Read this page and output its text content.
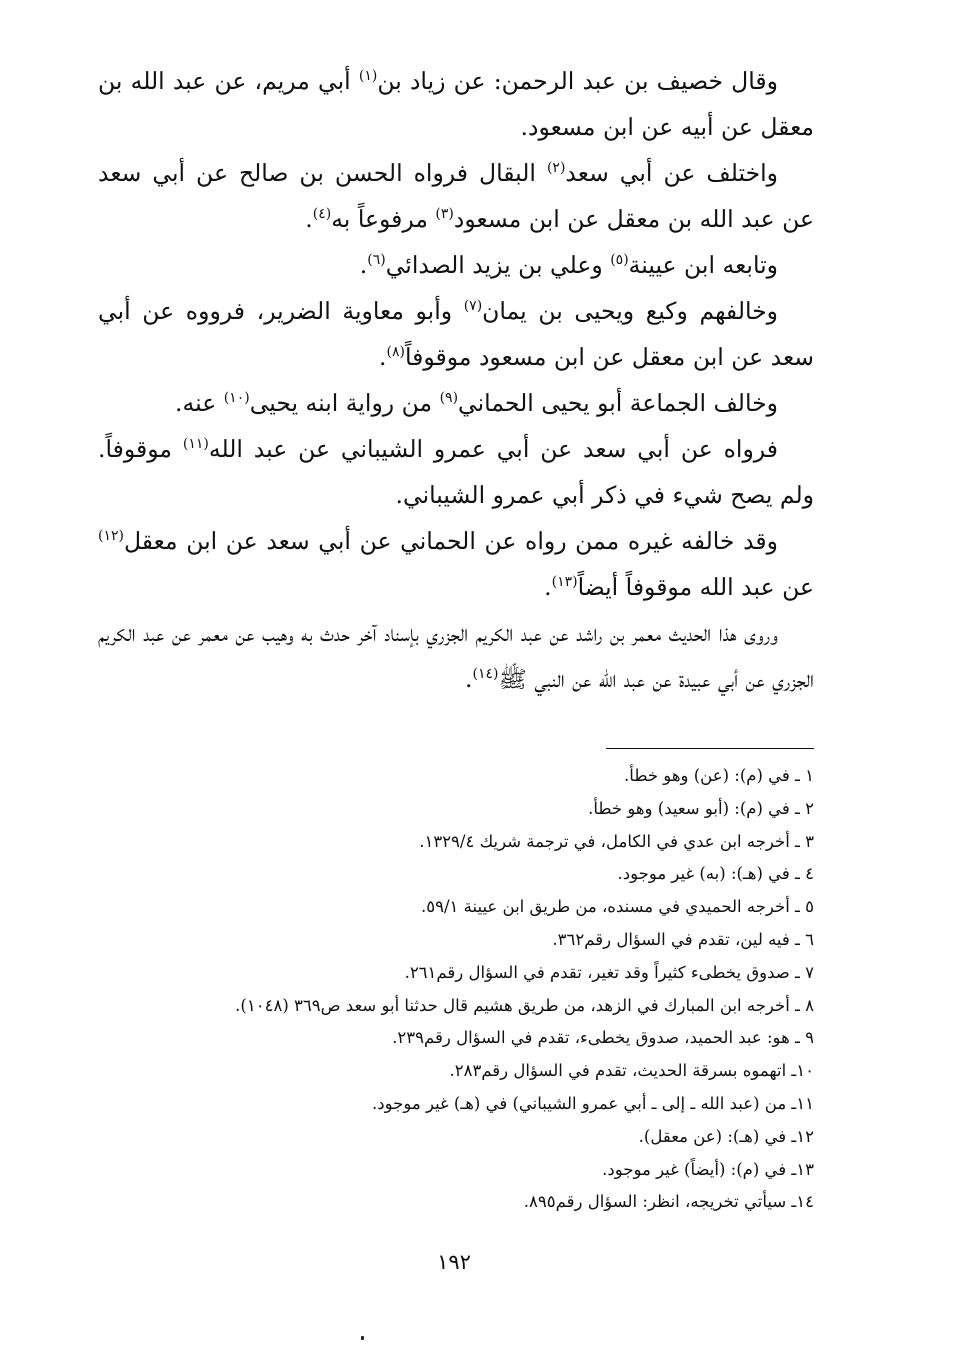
وقال خصيف بن عبد الرحمن: عن زياد بن$^{(١)}$ أبي مريم، عن عبد الله بن معقل عن أبيه عن ابن مسعود.

واختلف عن أبي سعد$^{(٢)}$ البقال فرواه الحسن بن صالح عن أبي سعد عن عبد الله بن معقل عن ابن مسعود$^{(٣)}$ مرفوعاً به$^{(٤)}$.

وتابعه ابن عيينة$^{(٥)}$ وعلي بن يزيد الصدائي$^{(٦)}$.

وخالفهم وكيع ويحيى بن يمان$^{(٧)}$ وأبو معاوية الضرير، فرووه عن أبي سعد عن ابن معقل عن ابن مسعود موقوفاً$^{(٨)}$.

وخالف الجماعة أبو يحيى الحماني$^{(٩)}$ من رواية ابنه يحيى$^{(١٠)}$ عنه.

فرواه عن أبي سعد عن أبي عمرو الشيباني عن عبد الله$^{(١١)}$ موقوفاً. ولم يصح شيء في ذكر أبي عمرو الشيباني.

وقد خالفه غيره ممن رواه عن الحماني عن أبي سعد عن ابن معقل$^{(١٢)}$ عن عبد الله موقوفاً أيضاً$^{(١٣)}$.

وروى هذا الحديث معمر بن راشد عن عبد الكريم الجزري بإسناد آخر حدث به وهيب عن معمر عن عبد الكريم الجزري عن أبي عبيدة عن عبد الله عن النبي ﷺ$^{(١٤)}$.

١ ـ في (م): (عن) وهو خطأ.
٢ ـ في (م): (أبو سعيد) وهو خطأ.
٣ ـ أخرجه ابن عدي في الكامل، في ترجمة شريك ١٣٢٩/٤.
٤ ـ في (هـ): (به) غير موجود.
٥ ـ أخرجه الحميدي في مسنده، من طريق ابن عيينة ٥٩/١.
٦ ـ فيه لين، تقدم في السؤال رقم٣٦٢.
٧ ـ صدوق يخطىء كثيراً وقد تغير، تقدم في السؤال رقم٢٦١.
٨ ـ أخرجه ابن المبارك في الزهد، من طريق هشيم قال حدثنا أبو سعد ص٣٦٩ (١٠٤٨).
٩ ـ هو: عبد الحميد، صدوق يخطىء، تقدم في السؤال رقم٢٣٩.
١٠ـ اتهموه بسرقة الحديث، تقدم في السؤال رقم٢٨٣.
١١ـ من (عبد الله ـ إلى ـ أبي عمرو الشيباني) في (هـ) غير موجود.
١٢ـ في (هـ): (عن معقل).
١٣ـ في (م): (أيضاً) غير موجود.
١٤ـ سيأتي تخريجه، انظر: السؤال رقم٨٩٥.
١٩٢
